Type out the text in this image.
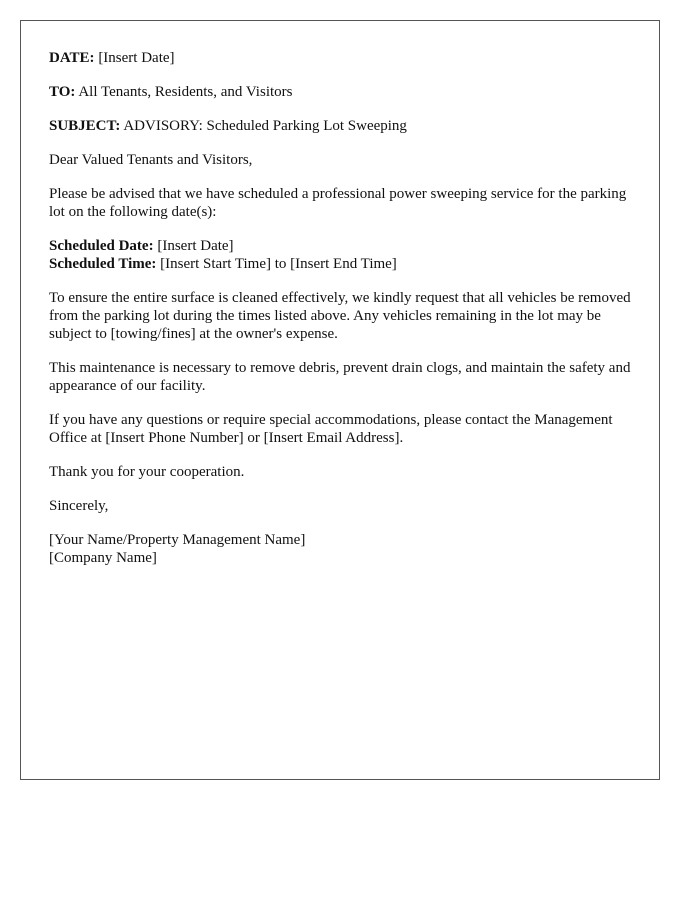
DATE: [Insert Date]

TO: All Tenants, Residents, and Visitors

SUBJECT: ADVISORY: Scheduled Parking Lot Sweeping

Dear Valued Tenants and Visitors,

Please be advised that we have scheduled a professional power sweeping service for the parking lot on the following date(s):

Scheduled Date: [Insert Date]

Scheduled Time: [Insert Start Time] to [Insert End Time]

To ensure the entire surface is cleaned effectively, we kindly request that all vehicles be removed from the parking lot during the times listed above. Any vehicles remaining in the lot may be subject to [towing/fines] at the owner's expense.

This maintenance is necessary to remove debris, prevent drain clogs, and maintain the safety and appearance of our facility.

If you have any questions or require special accommodations, please contact the Management Office at [Insert Phone Number] or [Insert Email Address].

Thank you for your cooperation.

Sincerely,

[Your Name/Property Management Name]

[Company Name]
